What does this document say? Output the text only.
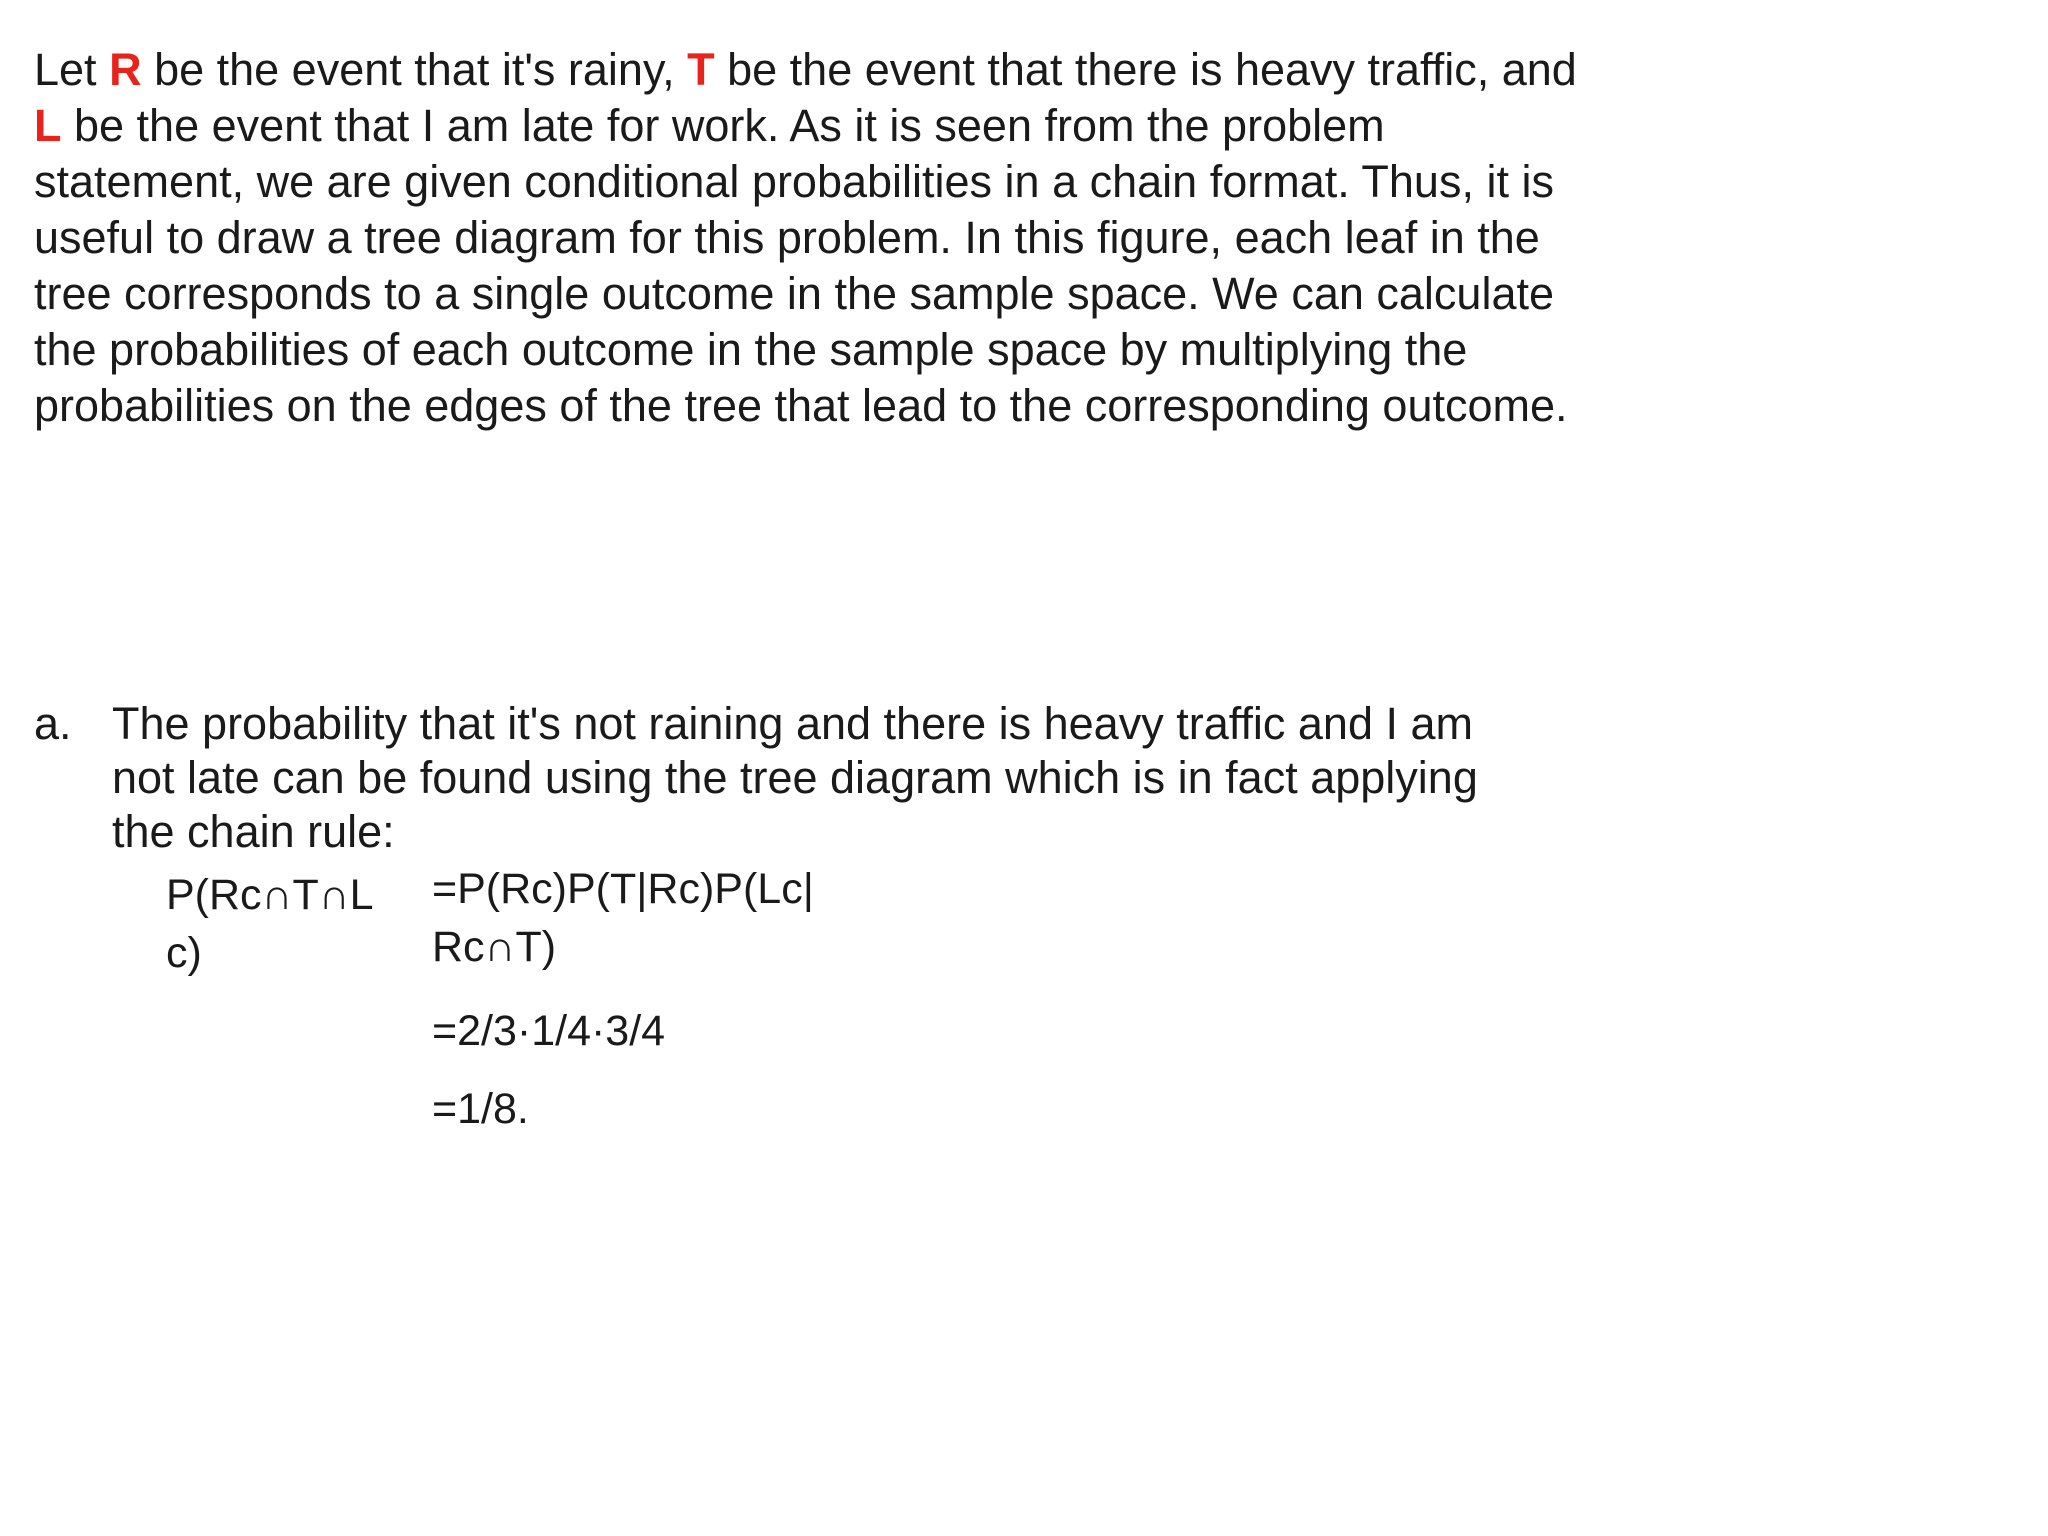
Let R be the event that it's rainy, T be the event that there is heavy traffic, and
L be the event that I am late for work. As it is seen from the problem
statement, we are given conditional probabilities in a chain format. Thus, it is
useful to draw a tree diagram for this problem. In this figure, each leaf in the
tree corresponds to a single outcome in the sample space. We can calculate
the probabilities of each outcome in the sample space by multiplying the
probabilities on the edges of the tree that lead to the corresponding outcome.
a. The probability that it's not raining and there is heavy traffic and I am
not late can be found using the tree diagram which is in fact applying
the chain rule:
P(Rc∩T∩L
c)
=P(Rc)P(T|Rc)P(Lc|
Rc∩T)
=2/3·1/4·3/4
=1/8.
